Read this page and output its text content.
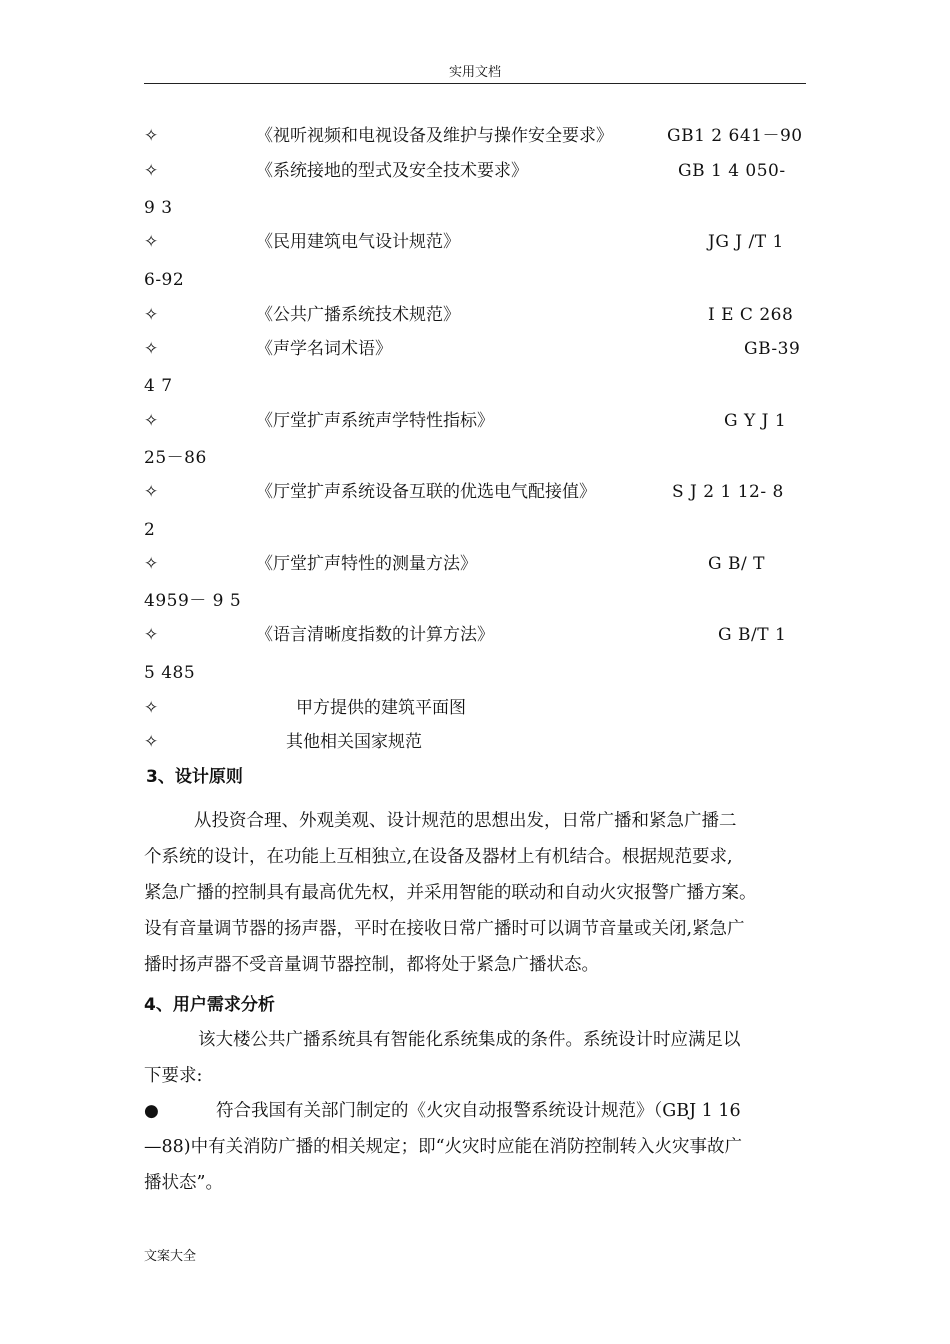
实用文档
✧	《视听视频和电视设备及维护与操作安全要求》	GB1 2 641－90
✧	《系统接地的型式及安全技术要求》	GB 1 4 050-
9 3
✧	《民用建筑电气设计规范》	JG J /T 1
6-92
✧	《公共广播系统技术规范》	I E C 268
✧	《声学名词术语》	GB-39
4 7
✧	《厅堂扩声系统声学特性指标》	G Y J 1
25－86
✧	《厅堂扩声系统设备互联的优选电气配接值》	S J 2 1 12- 8
2
✧	《厅堂扩声特性的测量方法》	G B/ T
4959－ 9 5
✧	《语言清晰度指数的计算方法》	G B/T 1
5 485
✧	甲方提供的建筑平面图
✧	其他相关国家规范
3、设计原则
从投资合理、外观美观、设计规范的思想出发，日常广播和紧急广播二
个系统的设计，在功能上互相独立,在设备及器材上有机结合。根据规范要求,
紧急广播的控制具有最高优先权，并采用智能的联动和自动火灾报警广播方案。
设有音量调节器的扬声器，平时在接收日常广播时可以调节音量或关闭,紧急广
播时扬声器不受音量调节器控制，都将处于紧急广播状态。
4、用户需求分析
该大楼公共广播系统具有智能化系统集成的条件。系统设计时应满足以
下要求:
●	符合我国有关部门制定的《火灾自动报警系统设计规范》（GBJ 1 16
—88)中有关消防广播的相关规定；即“火灾时应能在消防控制转入火灾事故广
播状态”。
文案大全
